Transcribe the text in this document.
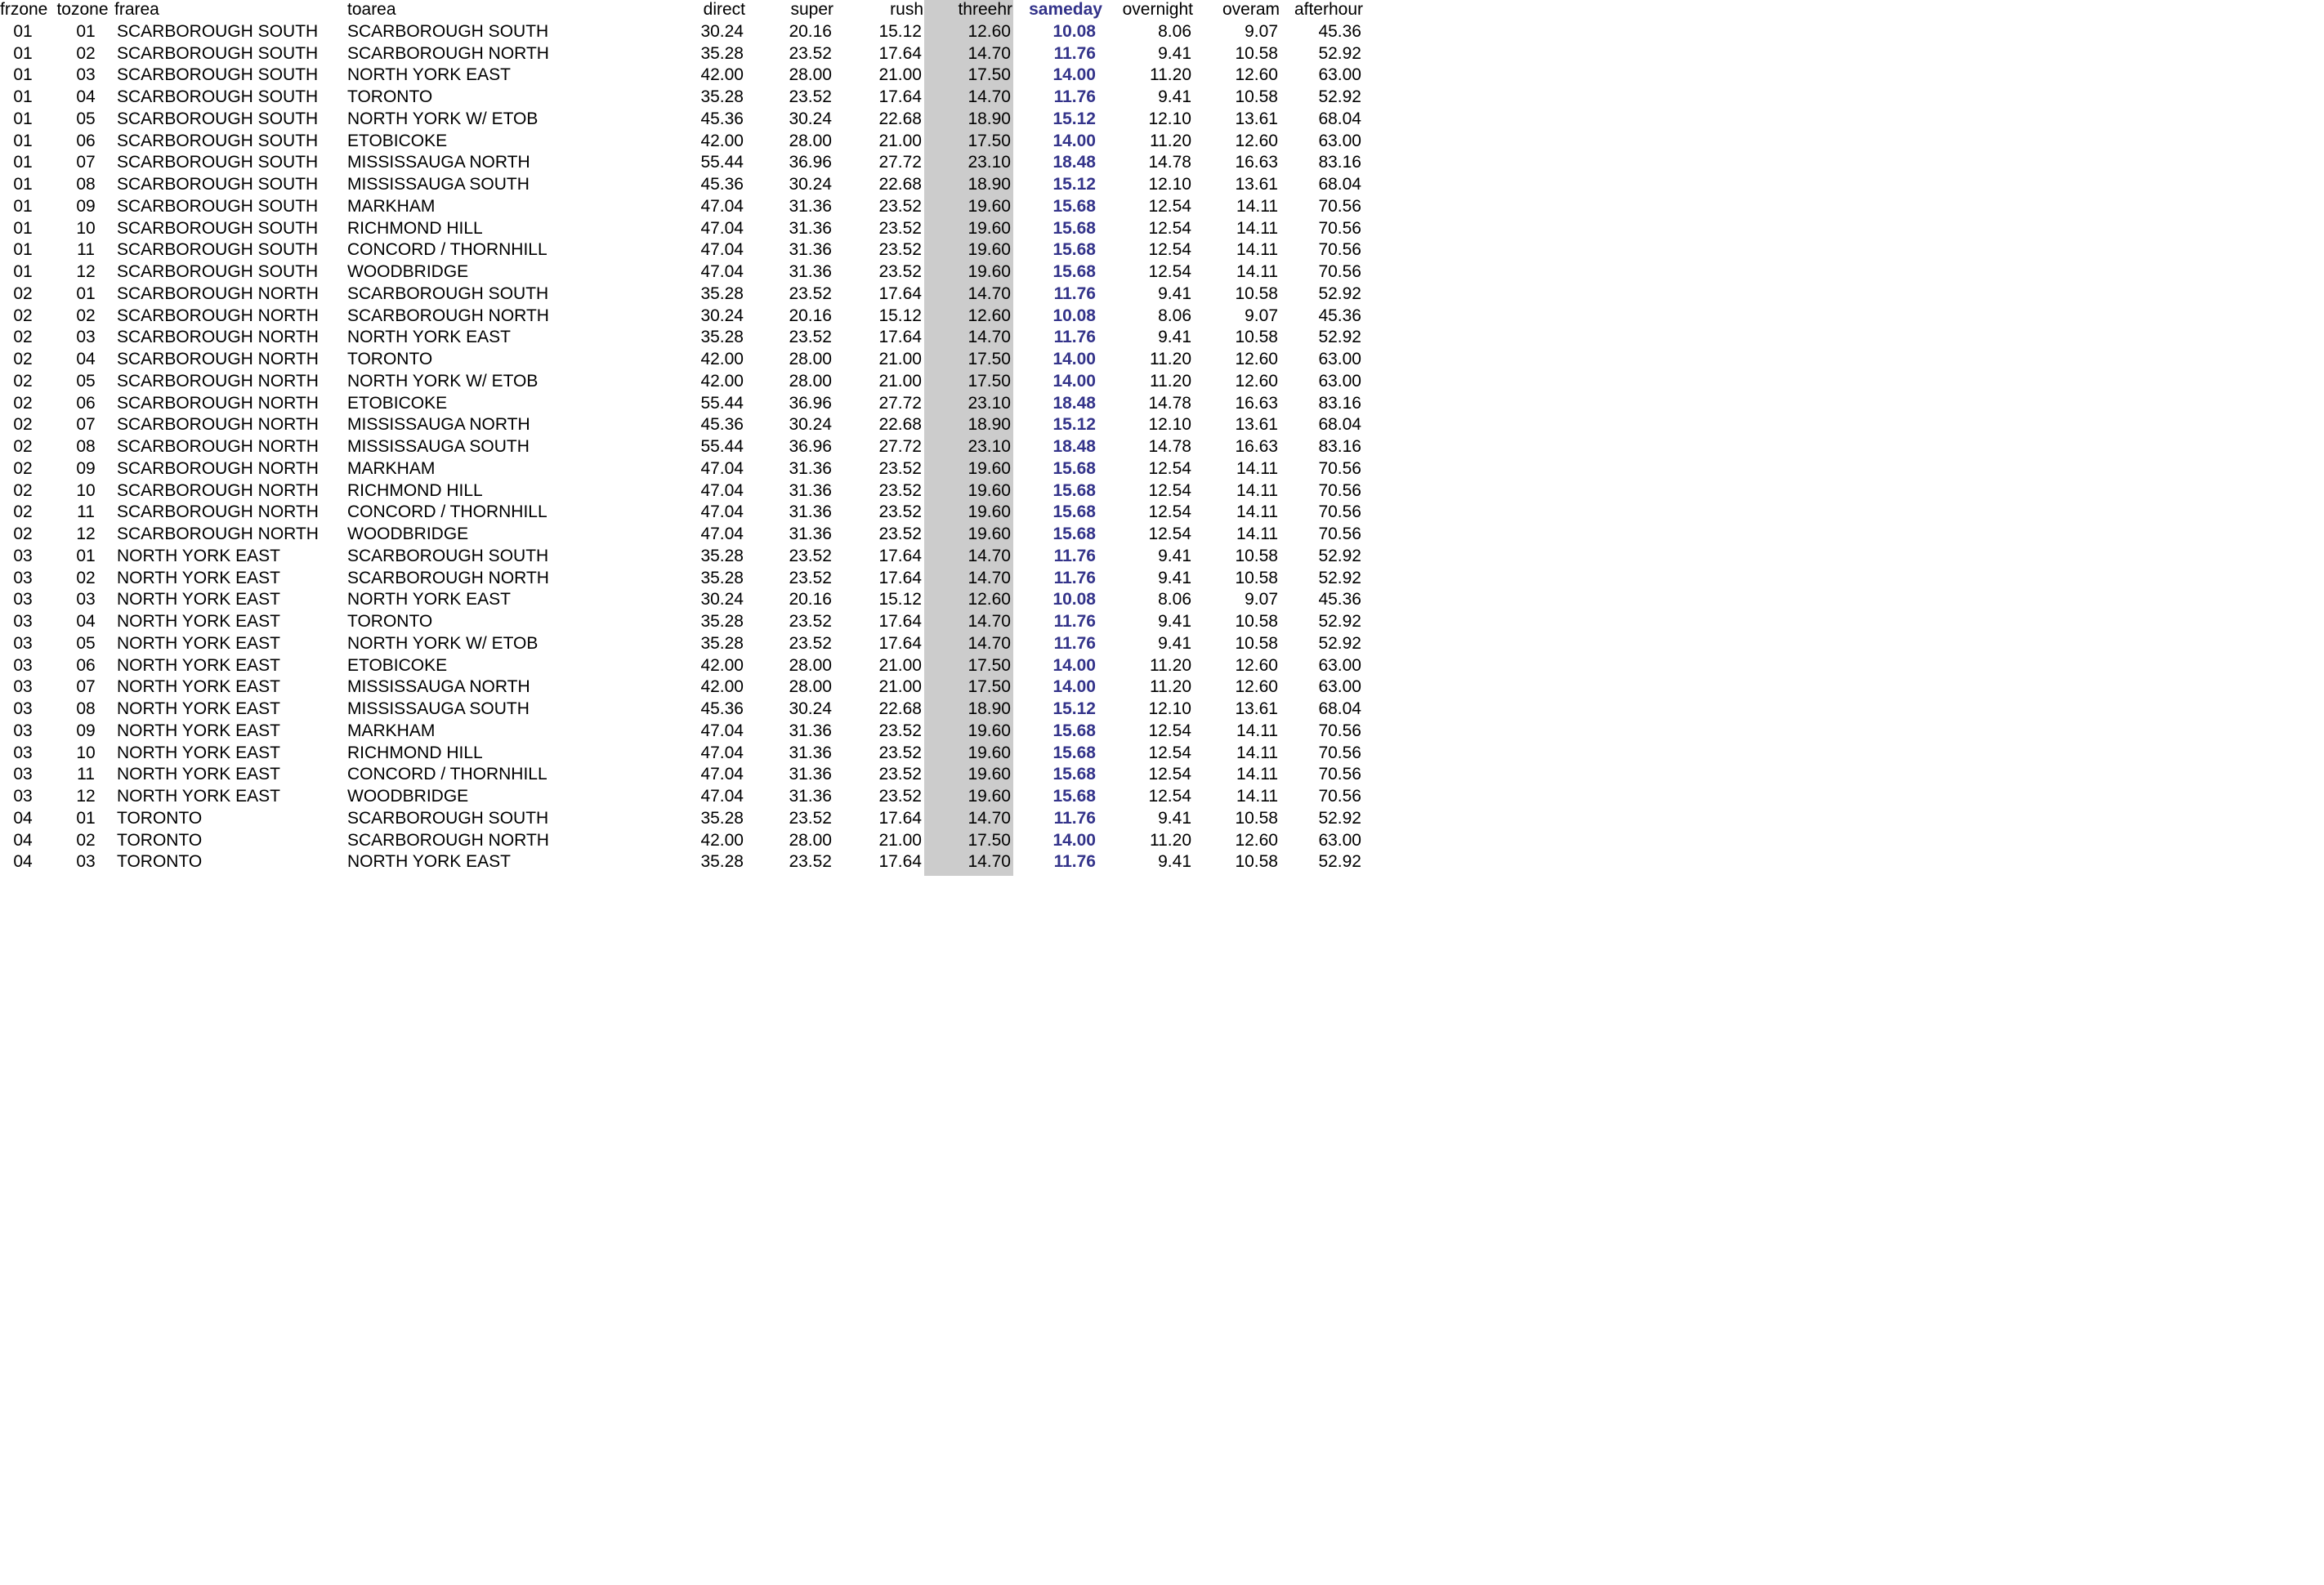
frzone	tozone	frarea	toarea	direct	super	rush	threehr	sameday	overnight	overam	afterhour
01	01	SCARBOROUGH SOUTH	SCARBOROUGH SOUTH	30.24	20.16	15.12	12.60	10.08	8.06	9.07	45.36
01	02	SCARBOROUGH SOUTH	SCARBOROUGH NORTH	35.28	23.52	17.64	14.70	11.76	9.41	10.58	52.92
01	03	SCARBOROUGH SOUTH	NORTH YORK EAST	42.00	28.00	21.00	17.50	14.00	11.20	12.60	63.00
01	04	SCARBOROUGH SOUTH	TORONTO	35.28	23.52	17.64	14.70	11.76	9.41	10.58	52.92
01	05	SCARBOROUGH SOUTH	NORTH YORK W/ ETOB	45.36	30.24	22.68	18.90	15.12	12.10	13.61	68.04
01	06	SCARBOROUGH SOUTH	ETOBICOKE	42.00	28.00	21.00	17.50	14.00	11.20	12.60	63.00
01	07	SCARBOROUGH SOUTH	MISSISSAUGA NORTH	55.44	36.96	27.72	23.10	18.48	14.78	16.63	83.16
01	08	SCARBOROUGH SOUTH	MISSISSAUGA SOUTH	45.36	30.24	22.68	18.90	15.12	12.10	13.61	68.04
01	09	SCARBOROUGH SOUTH	MARKHAM	47.04	31.36	23.52	19.60	15.68	12.54	14.11	70.56
01	10	SCARBOROUGH SOUTH	RICHMOND HILL	47.04	31.36	23.52	19.60	15.68	12.54	14.11	70.56
01	11	SCARBOROUGH SOUTH	CONCORD / THORNHILL	47.04	31.36	23.52	19.60	15.68	12.54	14.11	70.56
01	12	SCARBOROUGH SOUTH	WOODBRIDGE	47.04	31.36	23.52	19.60	15.68	12.54	14.11	70.56
02	01	SCARBOROUGH NORTH	SCARBOROUGH SOUTH	35.28	23.52	17.64	14.70	11.76	9.41	10.58	52.92
02	02	SCARBOROUGH NORTH	SCARBOROUGH NORTH	30.24	20.16	15.12	12.60	10.08	8.06	9.07	45.36
02	03	SCARBOROUGH NORTH	NORTH YORK EAST	35.28	23.52	17.64	14.70	11.76	9.41	10.58	52.92
02	04	SCARBOROUGH NORTH	TORONTO	42.00	28.00	21.00	17.50	14.00	11.20	12.60	63.00
02	05	SCARBOROUGH NORTH	NORTH YORK W/ ETOB	42.00	28.00	21.00	17.50	14.00	11.20	12.60	63.00
02	06	SCARBOROUGH NORTH	ETOBICOKE	55.44	36.96	27.72	23.10	18.48	14.78	16.63	83.16
02	07	SCARBOROUGH NORTH	MISSISSAUGA NORTH	45.36	30.24	22.68	18.90	15.12	12.10	13.61	68.04
02	08	SCARBOROUGH NORTH	MISSISSAUGA SOUTH	55.44	36.96	27.72	23.10	18.48	14.78	16.63	83.16
02	09	SCARBOROUGH NORTH	MARKHAM	47.04	31.36	23.52	19.60	15.68	12.54	14.11	70.56
02	10	SCARBOROUGH NORTH	RICHMOND HILL	47.04	31.36	23.52	19.60	15.68	12.54	14.11	70.56
02	11	SCARBOROUGH NORTH	CONCORD / THORNHILL	47.04	31.36	23.52	19.60	15.68	12.54	14.11	70.56
02	12	SCARBOROUGH NORTH	WOODBRIDGE	47.04	31.36	23.52	19.60	15.68	12.54	14.11	70.56
03	01	NORTH YORK EAST	SCARBOROUGH SOUTH	35.28	23.52	17.64	14.70	11.76	9.41	10.58	52.92
03	02	NORTH YORK EAST	SCARBOROUGH NORTH	35.28	23.52	17.64	14.70	11.76	9.41	10.58	52.92
03	03	NORTH YORK EAST	NORTH YORK EAST	30.24	20.16	15.12	12.60	10.08	8.06	9.07	45.36
03	04	NORTH YORK EAST	TORONTO	35.28	23.52	17.64	14.70	11.76	9.41	10.58	52.92
03	05	NORTH YORK EAST	NORTH YORK W/ ETOB	35.28	23.52	17.64	14.70	11.76	9.41	10.58	52.92
03	06	NORTH YORK EAST	ETOBICOKE	42.00	28.00	21.00	17.50	14.00	11.20	12.60	63.00
03	07	NORTH YORK EAST	MISSISSAUGA NORTH	42.00	28.00	21.00	17.50	14.00	11.20	12.60	63.00
03	08	NORTH YORK EAST	MISSISSAUGA SOUTH	45.36	30.24	22.68	18.90	15.12	12.10	13.61	68.04
03	09	NORTH YORK EAST	MARKHAM	47.04	31.36	23.52	19.60	15.68	12.54	14.11	70.56
03	10	NORTH YORK EAST	RICHMOND HILL	47.04	31.36	23.52	19.60	15.68	12.54	14.11	70.56
03	11	NORTH YORK EAST	CONCORD / THORNHILL	47.04	31.36	23.52	19.60	15.68	12.54	14.11	70.56
03	12	NORTH YORK EAST	WOODBRIDGE	47.04	31.36	23.52	19.60	15.68	12.54	14.11	70.56
04	01	TORONTO	SCARBOROUGH SOUTH	35.28	23.52	17.64	14.70	11.76	9.41	10.58	52.92
04	02	TORONTO	SCARBOROUGH NORTH	42.00	28.00	21.00	17.50	14.00	11.20	12.60	63.00
04	03	TORONTO	NORTH YORK EAST	35.28	23.52	17.64	14.70	11.76	9.41	10.58	52.92
